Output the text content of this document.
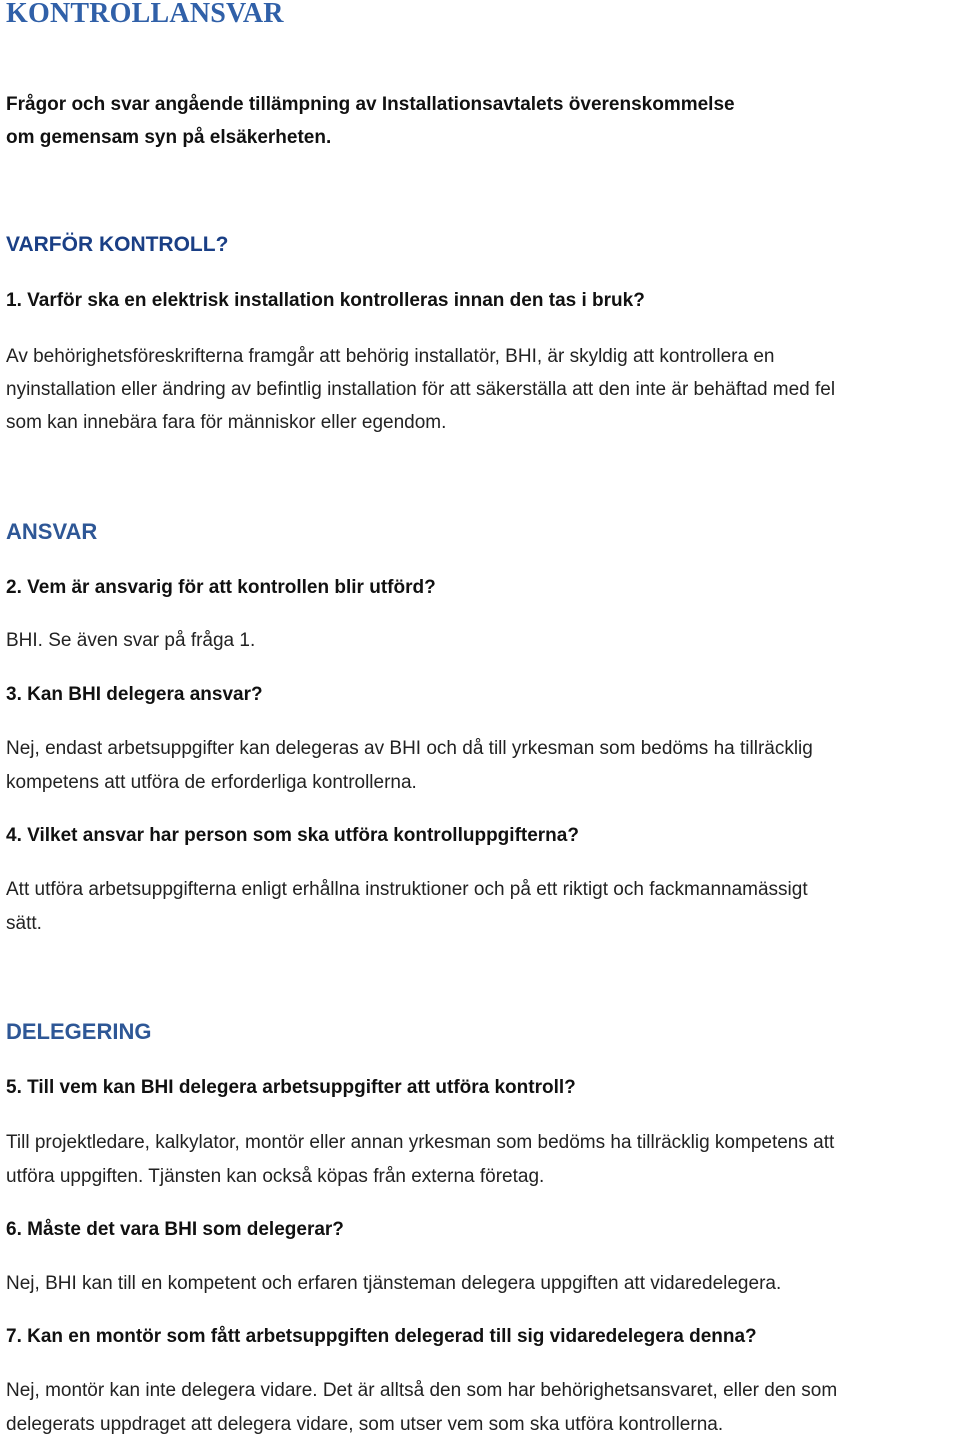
KONTROLLANSVAR
Frågor och svar angående tillämpning av Installationsavtalets överenskommelse
om gemensam syn på elsäkerheten.
VARFÖR KONTROLL?
1. Varför ska en elektrisk installation kontrolleras innan den tas i bruk?
Av behörighetsföreskrifterna framgår att behörig installatör, BHI, är skyldig att kontrollera en
nyinstallation eller ändring av befintlig installation för att säkerställa att den inte är behäftad med fel
som kan innebära fara för människor eller egendom.
ANSVAR
2. Vem är ansvarig för att kontrollen blir utförd?
BHI. Se även svar på fråga 1.
3. Kan BHI delegera ansvar?
Nej, endast arbetsuppgifter kan delegeras av BHI och då till yrkesman som bedöms ha tillräcklig
kompetens att utföra de erforderliga kontrollerna.
4. Vilket ansvar har person som ska utföra kontrolluppgifterna?
Att utföra arbetsuppgifterna enligt erhållna instruktioner och på ett riktigt och fackmannamässigt
sätt.
DELEGERING
5. Till vem kan BHI delegera arbetsuppgifter att utföra kontroll?
Till projektledare, kalkylator, montör eller annan yrkesman som bedöms ha tillräcklig kompetens att
utföra uppgiften. Tjänsten kan också köpas från externa företag.
6. Måste det vara BHI som delegerar?
Nej, BHI kan till en kompetent och erfaren tjänsteman delegera uppgiften att vidaredelegera.
7. Kan en montör som fått arbetsuppgiften delegerad till sig vidaredelegera denna?
Nej, montör kan inte delegera vidare. Det är alltså den som har behörighetsansvaret, eller den som
delegerats uppdraget att delegera vidare, som utser vem som ska utföra kontrollerna.
